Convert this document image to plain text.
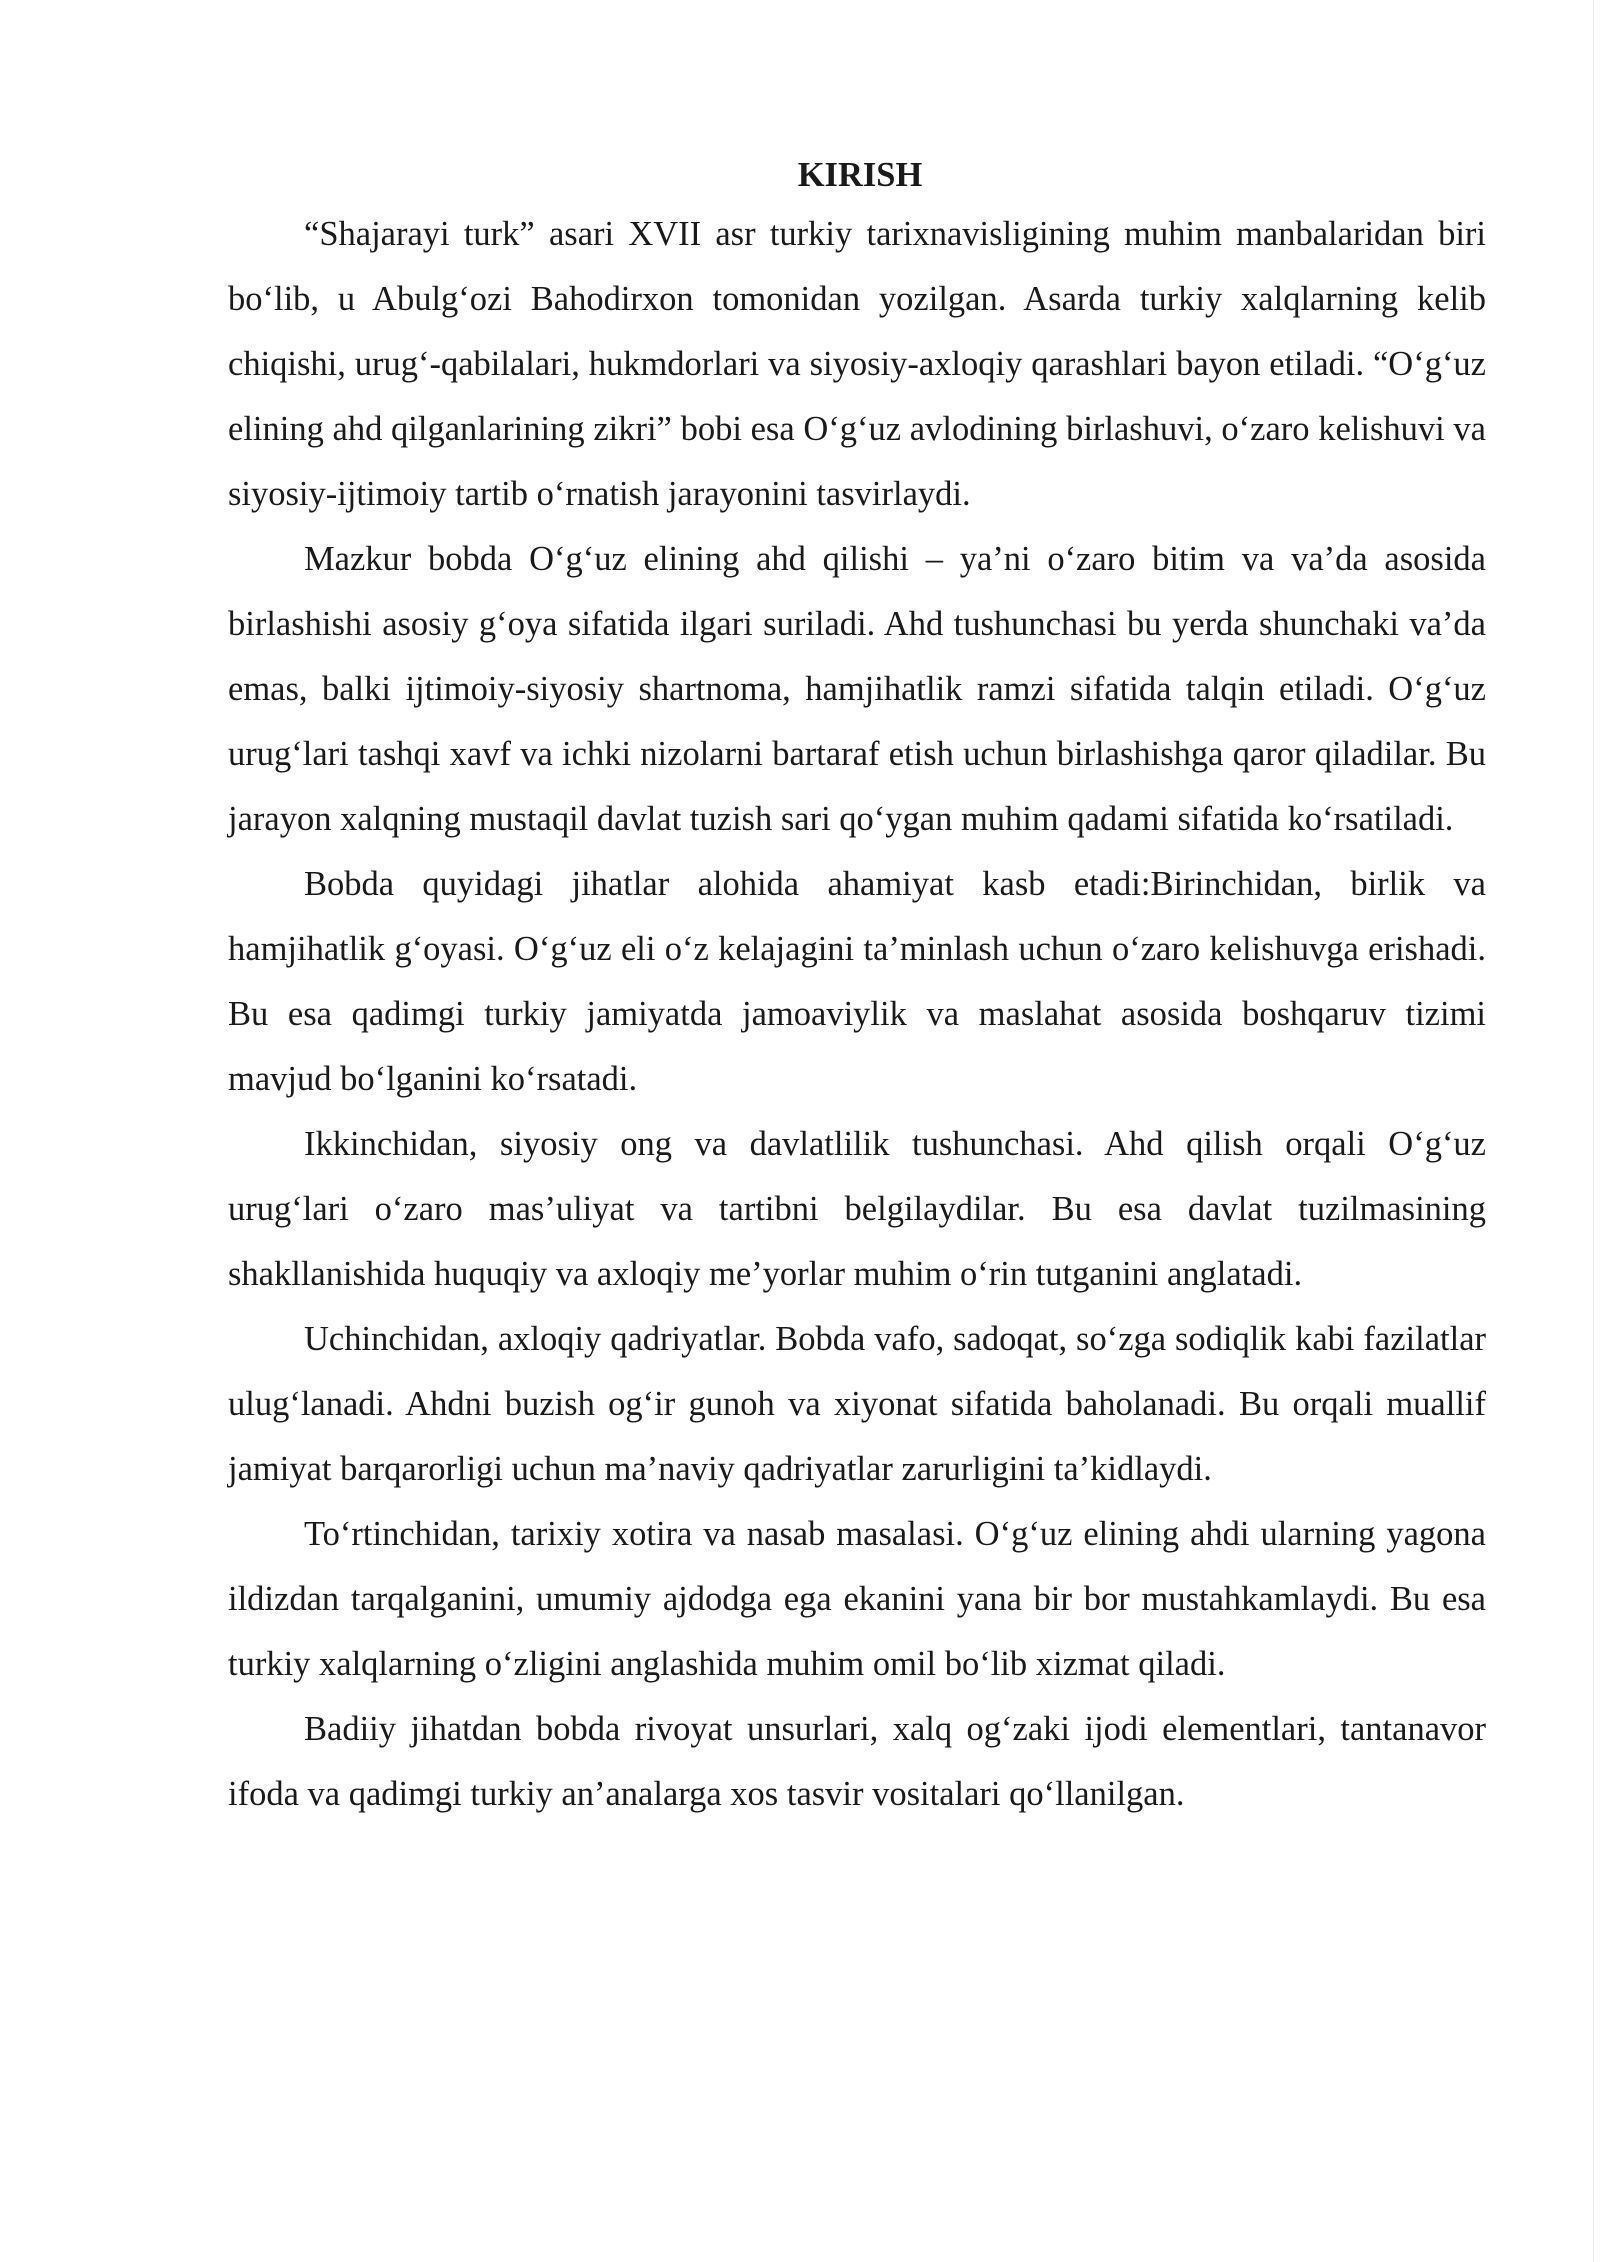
KIRISH

“Shajarayi turk” asari XVII asr turkiy tarixnavisligining muhim manbalaridan biri bo‘lib, u Abulg‘ozi Bahodirxon tomonidan yozilgan. Asarda turkiy xalqlarning kelib chiqishi, urug‘-qabilalari, hukmdorlari va siyosiy-axloqiy qarashlari bayon etiladi. “O‘g‘uz elining ahd qilganlarining zikri” bobi esa O‘g‘uz avlodining birlashuvi, o‘zaro kelishuvi va siyosiy-ijtimoiy tartib o‘rnatish jarayonini tasvirlaydi.

Mazkur bobda O‘g‘uz elining ahd qilishi – ya’ni o‘zaro bitim va va’da asosida birlashishi asosiy g‘oya sifatida ilgari suriladi. Ahd tushunchasi bu yerda shunchaki va’da emas, balki ijtimoiy-siyosiy shartnoma, hamjihatlik ramzi sifatida talqin etiladi. O‘g‘uz urug‘lari tashqi xavf va ichki nizolarni bartaraf etish uchun birlashishga qaror qiladilar. Bu jarayon xalqning mustaqil davlat tuzish sari qo‘ygan muhim qadami sifatida ko‘rsatiladi.

Bobda quyidagi jihatlar alohida ahamiyat kasb etadi:Birinchidan, birlik va hamjihatlik g‘oyasi. O‘g‘uz eli o‘z kelajagini ta’minlash uchun o‘zaro kelishuvga erishadi. Bu esa qadimgi turkiy jamiyatda jamoaviylik va maslahat asosida boshqaruv tizimi mavjud bo‘lganini ko‘rsatadi.

Ikkinchidan, siyosiy ong va davlatlilik tushunchasi. Ahd qilish orqali O‘g‘uz urug‘lari o‘zaro mas’uliyat va tartibni belgilaydilar. Bu esa davlat tuzilmasining shakllanishida huquqiy va axloqiy me’yorlar muhim o‘rin tutganini anglatadi.

Uchinchidan, axloqiy qadriyatlar. Bobda vafo, sadoqat, so‘zga sodiqlik kabi fazilatlar ulug‘lanadi. Ahdni buzish og‘ir gunoh va xiyonat sifatida baholanadi. Bu orqali muallif jamiyat barqarorligi uchun ma’naviy qadriyatlar zarurligini ta’kidlaydi.

To‘rtinchidan, tarixiy xotira va nasab masalasi. O‘g‘uz elining ahdi ularning yagona ildizdan tarqalganini, umumiy ajdodga ega ekanini yana bir bor mustahkamlaydi. Bu esa turkiy xalqlarning o‘zligini anglashida muhim omil bo‘lib xizmat qiladi.

Badiiy jihatdan bobda rivoyat unsurlari, xalq og‘zaki ijodi elementlari, tantanavor ifoda va qadimgi turkiy an’analarga xos tasvir vositalari qo‘llanilgan.
